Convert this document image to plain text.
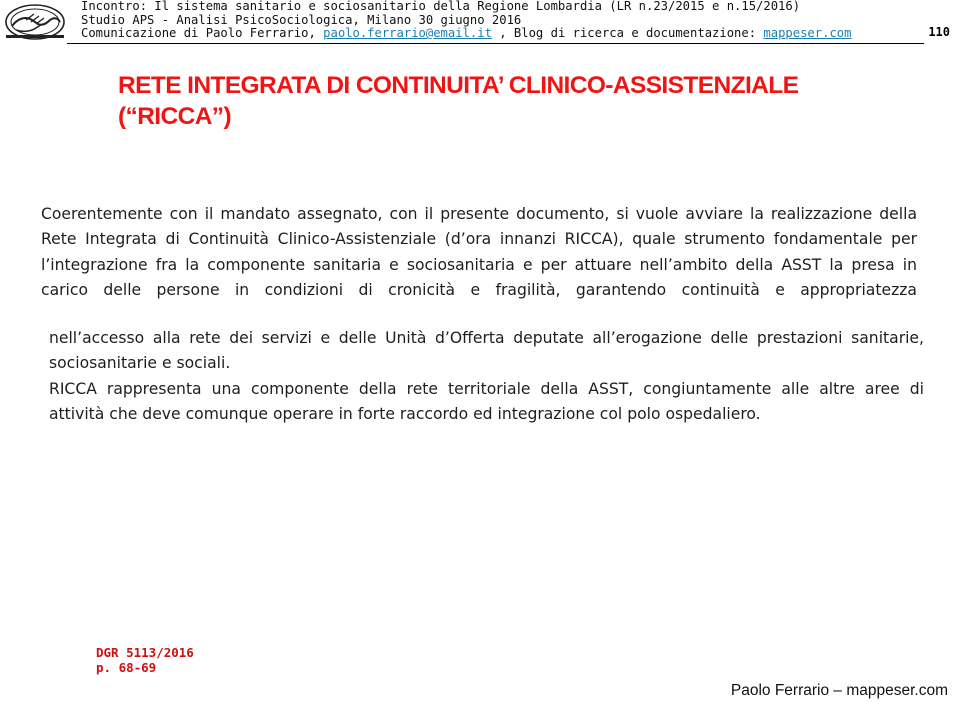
Incontro: Il sistema sanitario e sociosanitario della Regione Lombardia (LR n.23/2015 e n.15/2016)
Studio APS - Analisi PsicoSociologica, Milano 30 giugno 2016
Comunicazione di Paolo Ferrario, paolo.ferrario@email.it , Blog di ricerca e documentazione: mappeser.com	110
RETE INTEGRATA DI CONTINUITA’ CLINICO-ASSISTENZIALE
(“RICCA”)
Coerentemente con il mandato assegnato, con il presente documento, si vuole avviare la realizzazione della
Rete Integrata di Continuità Clinico-Assistenziale (d’ora innanzi RICCA), quale strumento fondamentale per
l’integrazione fra la componente sanitaria e sociosanitaria e per attuare nell’ambito della ASST la presa in
carico delle persone in condizioni di cronicità e fragilità, garantendo continuità e appropriatezza
nell’accesso alla rete dei servizi e delle Unità d’Offerta deputate all’erogazione delle prestazioni sanitarie,
sociosanitarie e sociali.
RICCA rappresenta una componente della rete territoriale della ASST, congiuntamente alle altre aree di
attività che deve comunque operare in forte raccordo ed integrazione col polo ospedaliero.
DGR 5113/2016
p. 68-69
Paolo Ferrario – mappeser.com
